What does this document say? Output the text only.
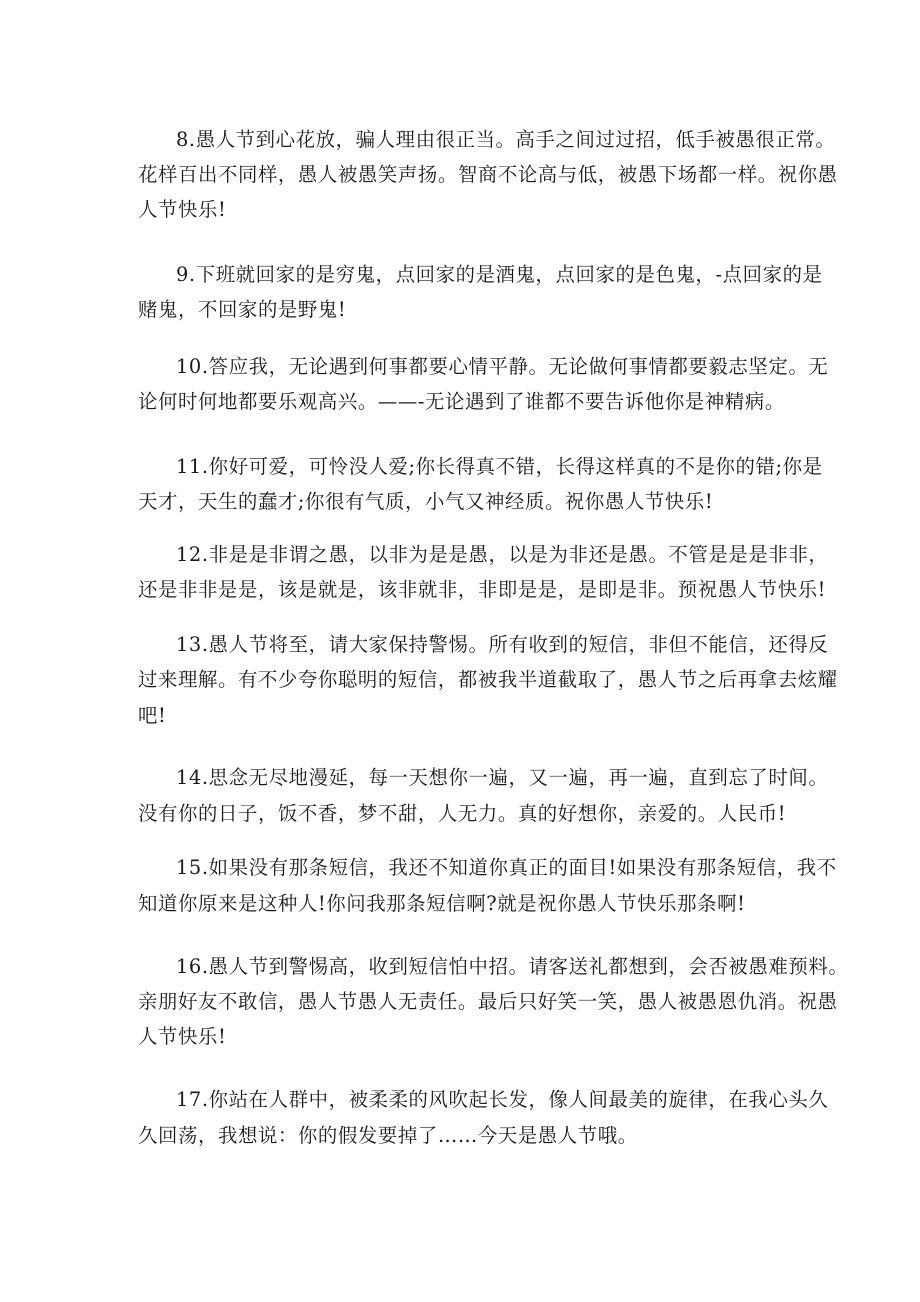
8.愚人节到心花放，骗人理由很正当。高手之间过过招，低手被愚很正常。
花样百出不同样，愚人被愚笑声扬。智商不论高与低，被愚下场都一样。祝你愚
人节快乐!
9.下班就回家的是穷鬼，点回家的是酒鬼，点回家的是色鬼，-点回家的是
赌鬼，不回家的是野鬼!
10.答应我，无论遇到何事都要心情平静。无论做何事情都要毅志坚定。无
论何时何地都要乐观高兴。——-无论遇到了谁都不要告诉他你是神精病。
11.你好可爱，可怜没人爱;你长得真不错，长得这样真的不是你的错;你是
天才，天生的蠢才;你很有气质，小气又神经质。祝你愚人节快乐!
12.非是是非谓之愚，以非为是是愚，以是为非还是愚。不管是是是非非，
还是非非是是，该是就是，该非就非，非即是是，是即是非。预祝愚人节快乐!
13.愚人节将至，请大家保持警惕。所有收到的短信，非但不能信，还得反
过来理解。有不少夸你聪明的短信，都被我半道截取了，愚人节之后再拿去炫耀
吧!
14.思念无尽地漫延，每一天想你一遍，又一遍，再一遍，直到忘了时间。
没有你的日子，饭不香，梦不甜，人无力。真的好想你，亲爱的。人民币!
15.如果没有那条短信，我还不知道你真正的面目!如果没有那条短信，我不
知道你原来是这种人!你问我那条短信啊?就是祝你愚人节快乐那条啊!
16.愚人节到警惕高，收到短信怕中招。请客送礼都想到，会否被愚难预料。
亲朋好友不敢信，愚人节愚人无责任。最后只好笑一笑，愚人被愚恩仇消。祝愚
人节快乐!
17.你站在人群中，被柔柔的风吹起长发，像人间最美的旋律，在我心头久
久回荡，我想说：你的假发要掉了……今天是愚人节哦。
